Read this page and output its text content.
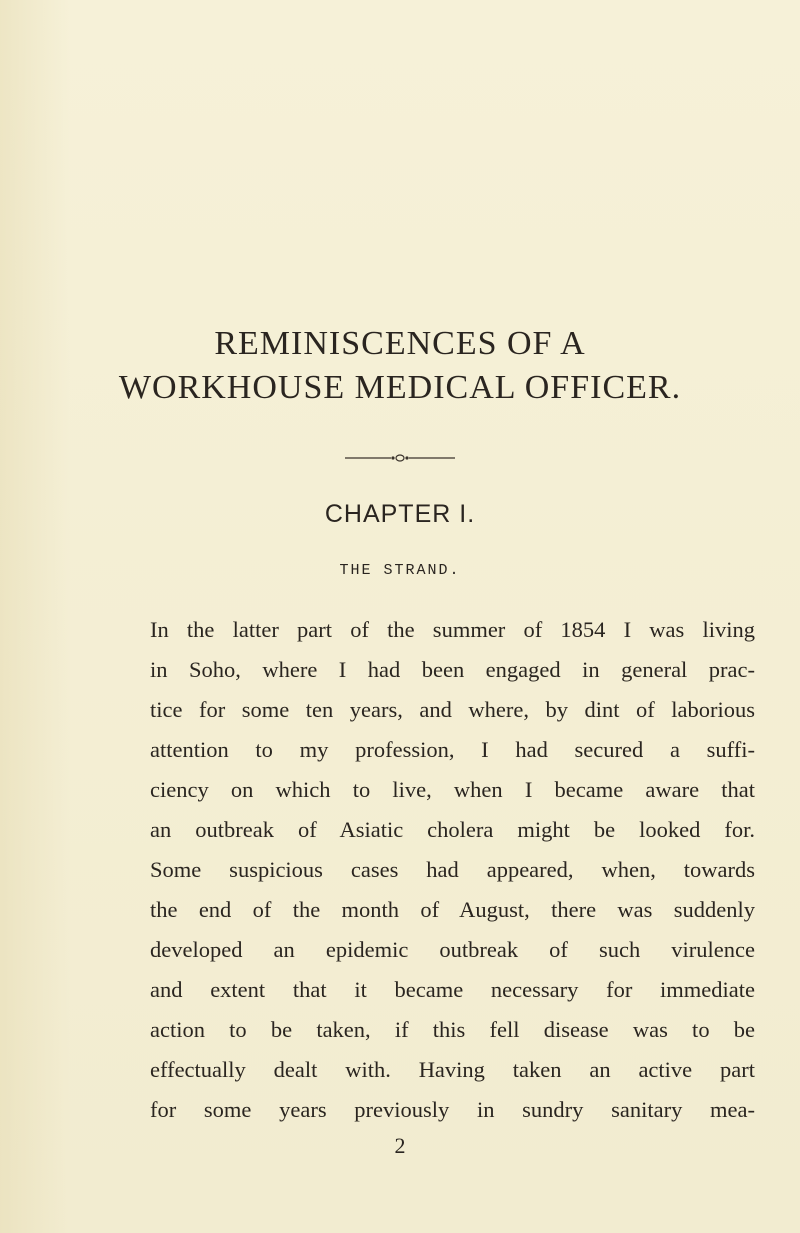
REMINISCENCES OF A
WORKHOUSE MEDICAL OFFICER.
CHAPTER I.
THE STRAND.
In the latter part of the summer of 1854 I was living
in Soho, where I had been engaged in general prac-
tice for some ten years, and where, by dint of laborious
attention to my profession, I had secured a suffi-
ciency on which to live, when I became aware that
an outbreak of Asiatic cholera might be looked for.
Some suspicious cases had appeared, when, towards
the end of the month of August, there was suddenly
developed an epidemic outbreak of such virulence
and extent that it became necessary for immediate
action to be taken, if this fell disease was to be
effectually dealt with. Having taken an active part
for some years previously in sundry sanitary mea-
2
